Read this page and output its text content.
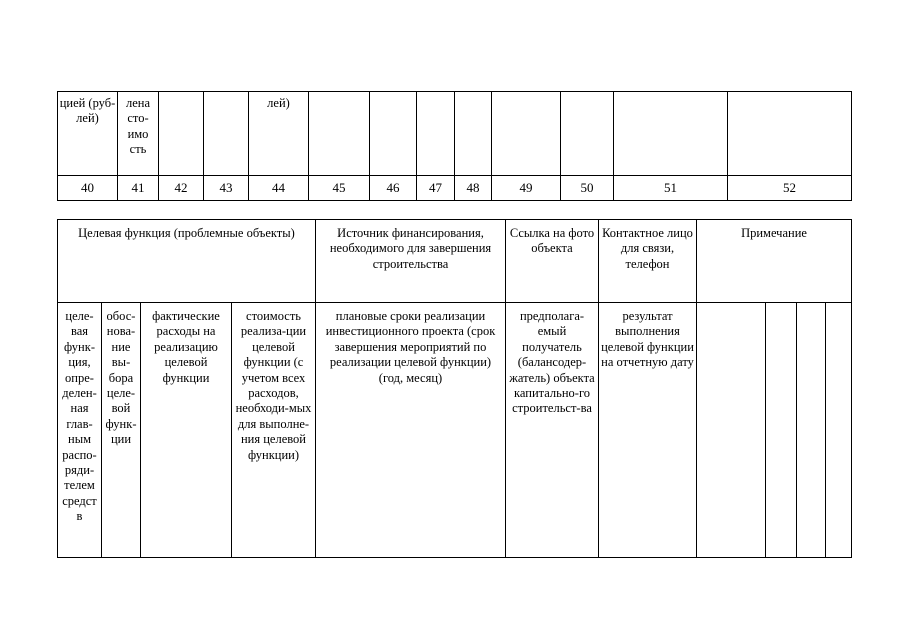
цией (руб-лей)	лена сто-имо сть			лей)								
40	41	42	43	44	45	46	47	48	49	50	51	52
Целевая функция (проблемные объекты)				Источник финансирования, необходимого для завершения строительства	Ссылка на фото объекта	Контактное лицо для связи, телефон	Примечание			
целе-вая функ-ция, опре-делен-ная глав-ным распо-ряди-телем средст в	обос-нова-ние вы-бора целе-вой функ-ции	фактические расходы на реализацию целевой функции	стоимость реализа-ции целевой функции (с учетом всех расходов, необходи-мых для выполне-ния целевой функции)	плановые сроки реализации инвестиционного проекта (срок завершения мероприятий по реализации целевой функции) (год, месяц)	предполага-емый получатель (балансодер-жатель) объекта капитально-го строительст-ва	результат выполнения целевой функции на отчетную дату				
